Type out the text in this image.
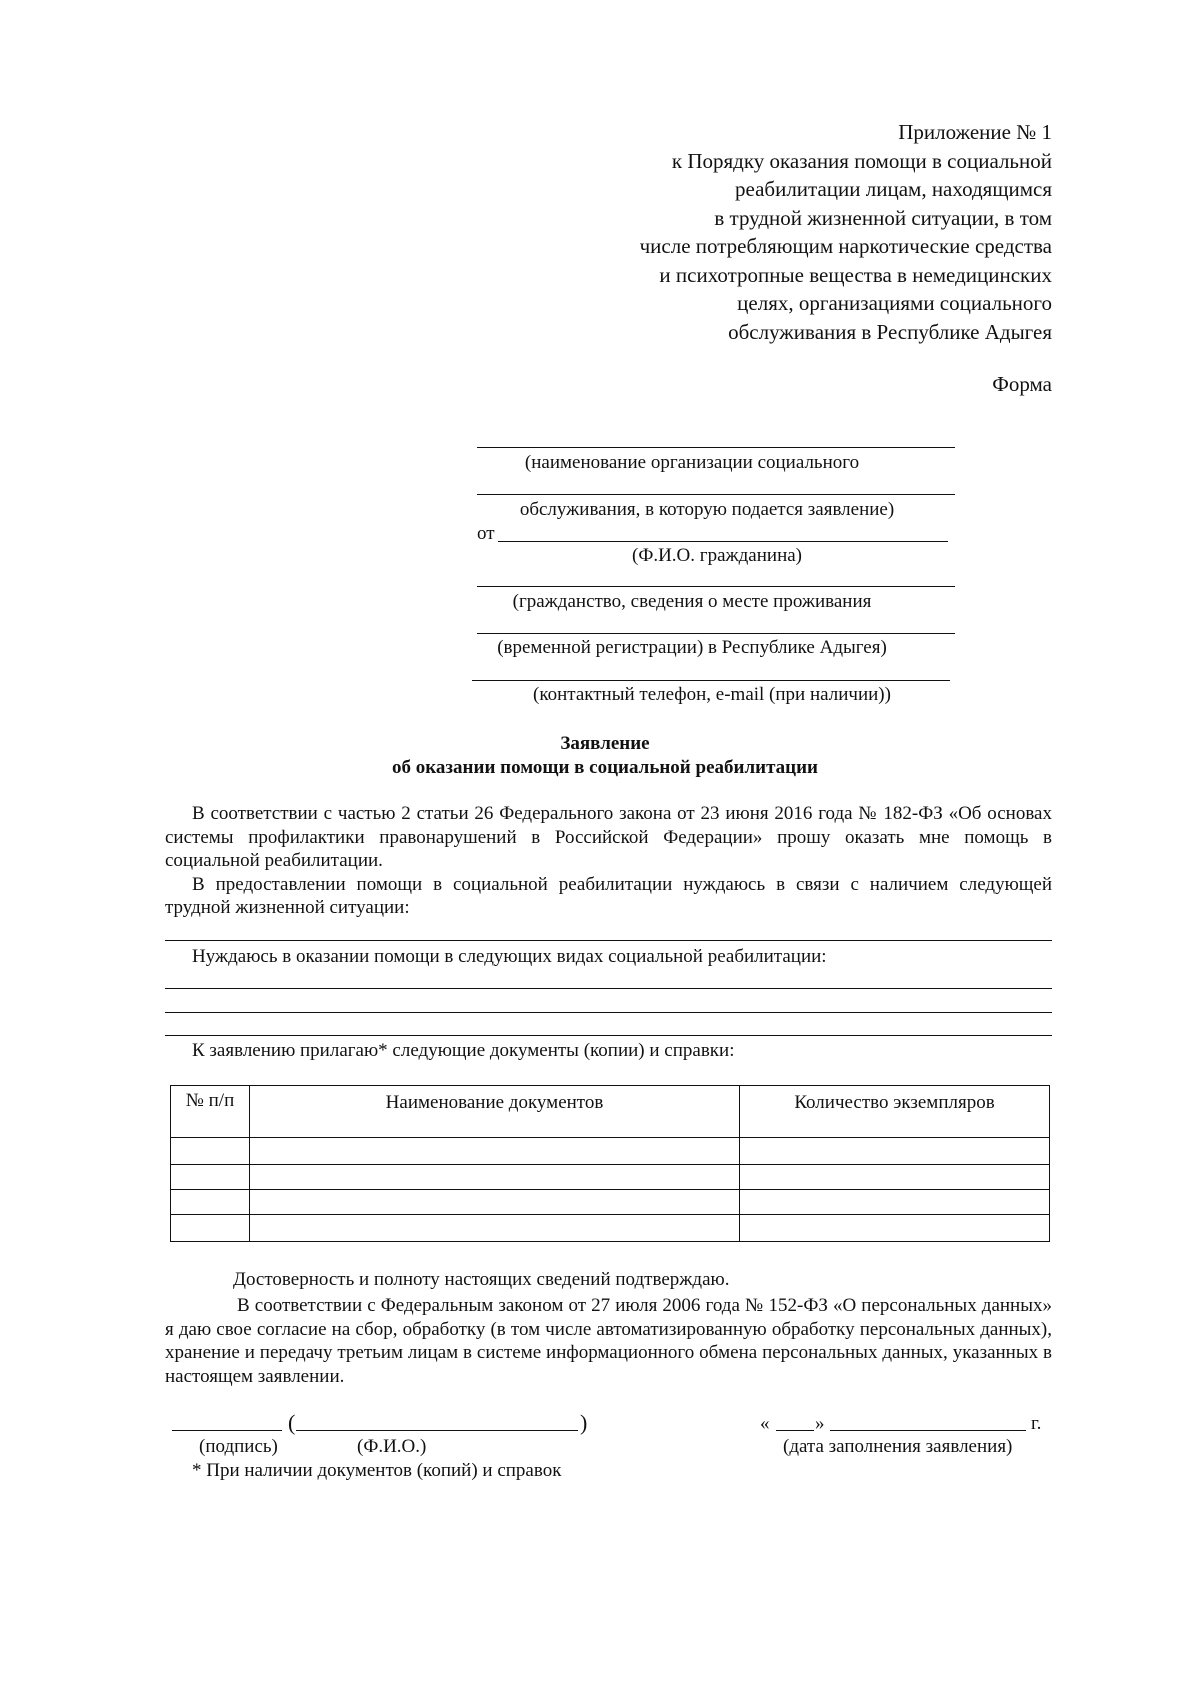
Приложение № 1
к Порядку оказания помощи в социальной
реабилитации лицам, находящимся
в трудной жизненной ситуации, в том
числе потребляющим наркотические средства
и психотропные вещества в немедицинских
целях, организациями социального
обслуживания в Республике Адыгея
Форма
(наименование организации социального
обслуживания, в которую подается заявление)
от
(Ф.И.О. гражданина)
(гражданство, сведения о месте проживания
(временной регистрации) в Республике Адыгея)
(контактный телефон, e-mail (при наличии))
Заявление
об оказании помощи в социальной реабилитации

В соответствии с частью 2 статьи 26 Федерального закона от 23 июня 2016 года № 182-ФЗ «Об основах системы профилактики правонарушений в Российской Федерации» прошу оказать мне помощь в социальной реабилитации.

В предоставлении помощи в социальной реабилитации нуждаюсь в связи с наличием следующей трудной жизненной ситуации:

Нуждаюсь в оказании помощи в следующих видах социальной реабилитации:
К заявлению прилагаю* следующие документы (копии) и справки:
№ п/п	Наименование документов	Количество экземпляров

Достоверность и полноту настоящих сведений подтверждаю.

В соответствии с Федеральным законом от 27 июля 2006 года № 152-ФЗ «О персональных данных» я даю свое согласие на сбор, обработку (в том числе автоматизированную обработку персональных данных), хранение и передачу третьим лицам в системе информационного обмена персональных данных, указанных в настоящем заявлении.

(	)	« »	г.
(подпись)	(Ф.И.О.)	(дата заполнения заявления)
* При наличии документов (копий) и справок
